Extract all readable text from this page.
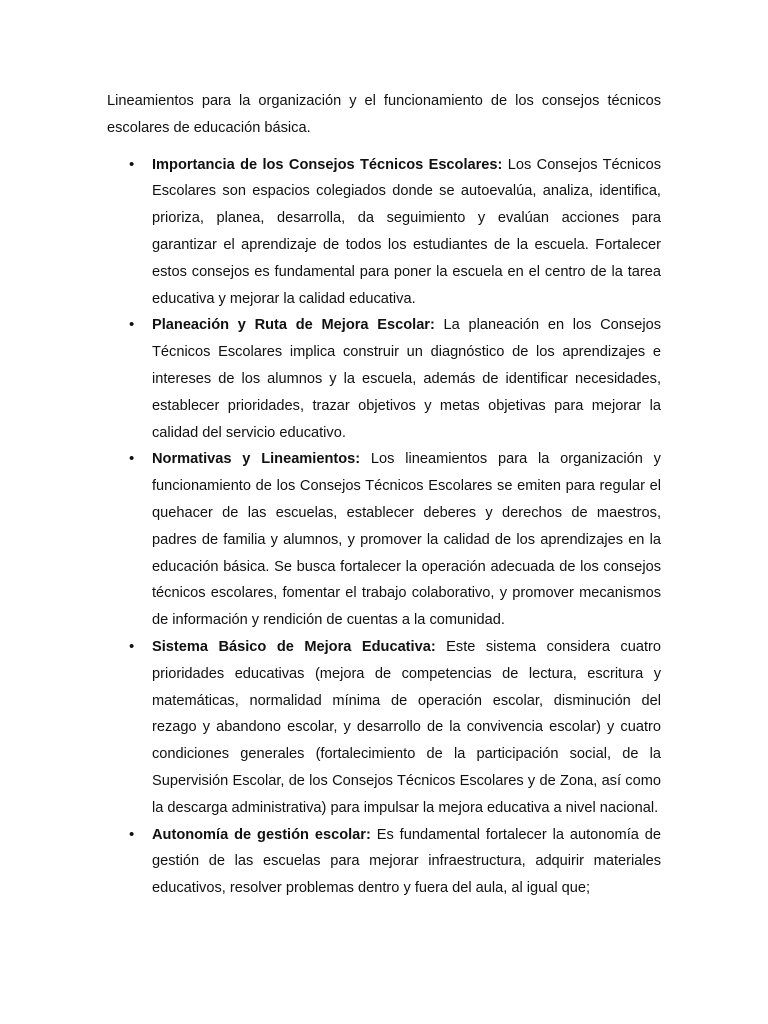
Lineamientos para la organización y el funcionamiento de los consejos técnicos escolares de educación básica.

• Importancia de los Consejos Técnicos Escolares: Los Consejos Técnicos Escolares son espacios colegiados donde se autoevalúa, analiza, identifica, prioriza, planea, desarrolla, da seguimiento y evalúan acciones para garantizar el aprendizaje de todos los estudiantes de la escuela. Fortalecer estos consejos es fundamental para poner la escuela en el centro de la tarea educativa y mejorar la calidad educativa.
• Planeación y Ruta de Mejora Escolar: La planeación en los Consejos Técnicos Escolares implica construir un diagnóstico de los aprendizajes e intereses de los alumnos y la escuela, además de identificar necesidades, establecer prioridades, trazar objetivos y metas objetivas para mejorar la calidad del servicio educativo.
• Normativas y Lineamientos: Los lineamientos para la organización y funcionamiento de los Consejos Técnicos Escolares se emiten para regular el quehacer de las escuelas, establecer deberes y derechos de maestros, padres de familia y alumnos, y promover la calidad de los aprendizajes en la educación básica. Se busca fortalecer la operación adecuada de los consejos técnicos escolares, fomentar el trabajo colaborativo, y promover mecanismos de información y rendición de cuentas a la comunidad.
• Sistema Básico de Mejora Educativa: Este sistema considera cuatro prioridades educativas (mejora de competencias de lectura, escritura y matemáticas, normalidad mínima de operación escolar, disminución del rezago y abandono escolar, y desarrollo de la convivencia escolar) y cuatro condiciones generales (fortalecimiento de la participación social, de la Supervisión Escolar, de los Consejos Técnicos Escolares y de Zona, así como la descarga administrativa) para impulsar la mejora educativa a nivel nacional.
• Autonomía de gestión escolar: Es fundamental fortalecer la autonomía de gestión de las escuelas para mejorar infraestructura, adquirir materiales educativos, resolver problemas dentro y fuera del aula, al igual que;
